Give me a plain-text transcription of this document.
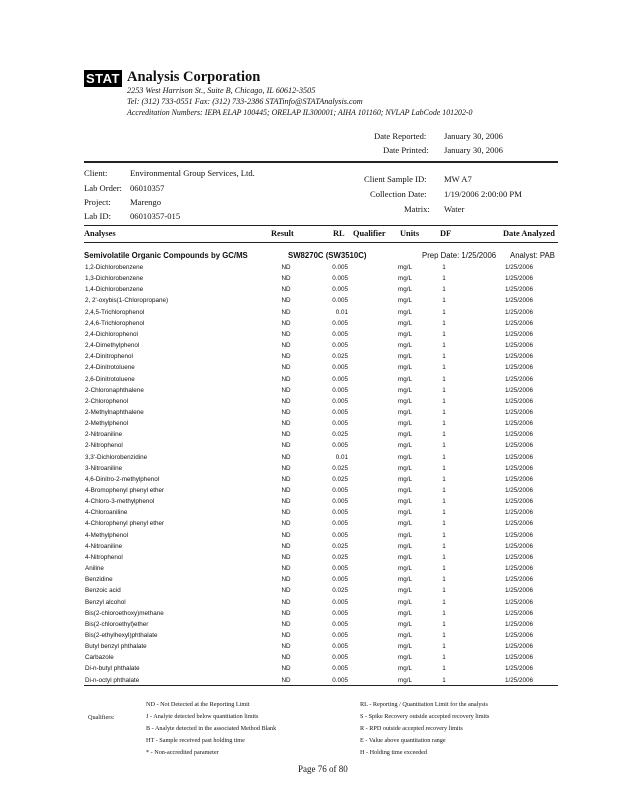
STAT Analysis Corporation
2253 West Harrison St., Suite B, Chicago, IL 60612-3505
Tel: (312) 733-0551 Fax: (312) 733-2386 STATinfo@STATAnalysis.com
Accreditation Numbers: IEPA ELAP 100445; ORELAP IL300001; AIHA 101160; NVLAP LabCode 101202-0
Date Reported: January 30, 2006
Date Printed: January 30, 2006
Client:	Environmental Group Services, Ltd.
Lab Order: 06010357
Project: Marengo
Lab ID: 06010357-015
Client Sample ID: MW A7
Collection Date: 1/19/2006 2:00:00 PM
Matrix: Water
Analyses	Result	RL Qualifier Units DF	Date Analyzed
Semivolatile Organic Compounds by GC/MS	SW8270C (SW3510C)	Prep Date: 1/25/2006 Analyst: PAB
1,2-Dichlorobenzene	ND	0.005	mg/L	1	1/25/2006
1,3-Dichlorobenzene	ND	0.005	mg/L	1	1/25/2006
1,4-Dichlorobenzene	ND	0.005	mg/L	1	1/25/2006
2, 2'-oxybis(1-Chloropropane)	ND	0.005	mg/L	1	1/25/2006
2,4,5-Trichlorophenol	ND	0.01	mg/L	1	1/25/2006
2,4,6-Trichlorophenol	ND	0.005	mg/L	1	1/25/2006
2,4-Dichlorophenol	ND	0.005	mg/L	1	1/25/2006
2,4-Dimethylphenol	ND	0.005	mg/L	1	1/25/2006
2,4-Dinitrophenol	ND	0.025	mg/L	1	1/25/2006
2,4-Dinitrotoluene	ND	0.005	mg/L	1	1/25/2006
2,6-Dinitrotoluene	ND	0.005	mg/L	1	1/25/2006
2-Chloronaphthalene	ND	0.005	mg/L	1	1/25/2006
2-Chlorophenol	ND	0.005	mg/L	1	1/25/2006
2-Methylnaphthalene	ND	0.005	mg/L	1	1/25/2006
2-Methylphenol	ND	0.005	mg/L	1	1/25/2006
2-Nitroaniline	ND	0.025	mg/L	1	1/25/2006
2-Nitrophenol	ND	0.005	mg/L	1	1/25/2006
3,3'-Dichlorobenzidine	ND	0.01	mg/L	1	1/25/2006
3-Nitroaniline	ND	0.025	mg/L	1	1/25/2006
4,6-Dinitro-2-methylphenol	ND	0.025	mg/L	1	1/25/2006
4-Bromophenyl phenyl ether	ND	0.005	mg/L	1	1/25/2006
4-Chloro-3-methylphenol	ND	0.005	mg/L	1	1/25/2006
4-Chloroaniline	ND	0.005	mg/L	1	1/25/2006
4-Chlorophenyl phenyl ether	ND	0.005	mg/L	1	1/25/2006
4-Methylphenol	ND	0.005	mg/L	1	1/25/2006
4-Nitroaniline	ND	0.025	mg/L	1	1/25/2006
4-Nitrophenol	ND	0.025	mg/L	1	1/25/2006
Aniline	ND	0.005	mg/L	1	1/25/2006
Benzidine	ND	0.005	mg/L	1	1/25/2006
Benzoic acid	ND	0.025	mg/L	1	1/25/2006
Benzyl alcohol	ND	0.005	mg/L	1	1/25/2006
Bis(2-chloroethoxy)methane	ND	0.005	mg/L	1	1/25/2006
Bis(2-chloroethyl)ether	ND	0.005	mg/L	1	1/25/2006
Bis(2-ethylhexyl)phthalate	ND	0.005	mg/L	1	1/25/2006
Butyl benzyl phthalate	ND	0.005	mg/L	1	1/25/2006
Carbazole	ND	0.005	mg/L	1	1/25/2006
Di-n-butyl phthalate	ND	0.005	mg/L	1	1/25/2006
Di-n-octyl phthalate	ND	0.005	mg/L	1	1/25/2006
Qualifiers:
ND - Not Detected at the Reporting Limit
J - Analyte detected below quantitation limits
B - Analyte detected in the associated Method Blank
HT - Sample received past holding time
* - Non-accredited parameter
RL - Reporting / Quantitation Limit for the analysis
S - Spike Recovery outside accepted recovery limits
R - RPD outside accepted recovery limits
E - Value above quantitation range
H - Holding time exceeded
Page 76 of 80
